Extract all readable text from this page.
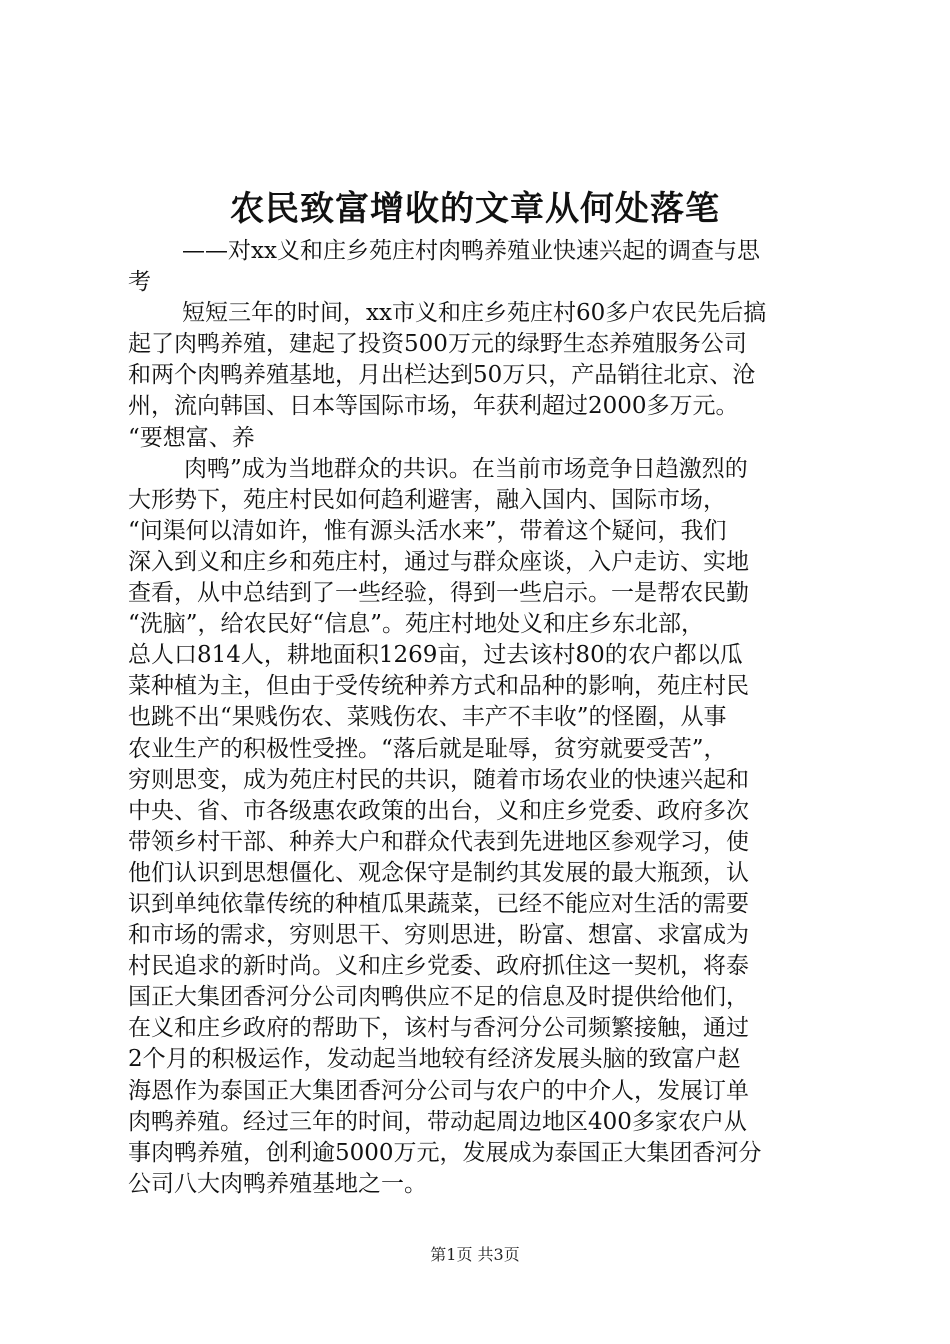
农民致富增收的文章从何处落笔
——对xx义和庄乡苑庄村肉鸭养殖业快速兴起的调查与思
考
短短三年的时间，xx市义和庄乡苑庄村60多户农民先后搞
起了肉鸭养殖，建起了投资500万元的绿野生态养殖服务公司
和两个肉鸭养殖基地，月出栏达到50万只，产品销往北京、沧
州，流向韩国、日本等国际市场，年获利超过2000多万元。
“要想富、养
肉鸭”成为当地群众的共识。在当前市场竞争日趋激烈的
大形势下，苑庄村民如何趋利避害，融入国内、国际市场，
“问渠何以清如许，惟有源头活水来”，带着这个疑问，我们
深入到义和庄乡和苑庄村，通过与群众座谈，入户走访、实地
查看，从中总结到了一些经验，得到一些启示。一是帮农民勤
“洗脑”，给农民好“信息”。苑庄村地处义和庄乡东北部，
总人口814人，耕地面积1269亩，过去该村80的农户都以瓜
菜种植为主，但由于受传统种养方式和品种的影响，苑庄村民
也跳不出“果贱伤农、菜贱伤农、丰产不丰收”的怪圈，从事
农业生产的积极性受挫。“落后就是耻辱，贫穷就要受苦”，
穷则思变，成为苑庄村民的共识，随着市场农业的快速兴起和
中央、省、市各级惠农政策的出台，义和庄乡党委、政府多次
带领乡村干部、种养大户和群众代表到先进地区参观学习，使
他们认识到思想僵化、观念保守是制约其发展的最大瓶颈，认
识到单纯依靠传统的种植瓜果蔬菜，已经不能应对生活的需要
和市场的需求，穷则思干、穷则思进，盼富、想富、求富成为
村民追求的新时尚。义和庄乡党委、政府抓住这一契机，将泰
国正大集团香河分公司肉鸭供应不足的信息及时提供给他们，
在义和庄乡政府的帮助下，该村与香河分公司频繁接触，通过
2个月的积极运作，发动起当地较有经济发展头脑的致富户赵
海恩作为泰国正大集团香河分公司与农户的中介人，发展订单
肉鸭养殖。经过三年的时间，带动起周边地区400多家农户从
事肉鸭养殖，创利逾5000万元，发展成为泰国正大集团香河分
公司八大肉鸭养殖基地之一。
第1页 共3页
